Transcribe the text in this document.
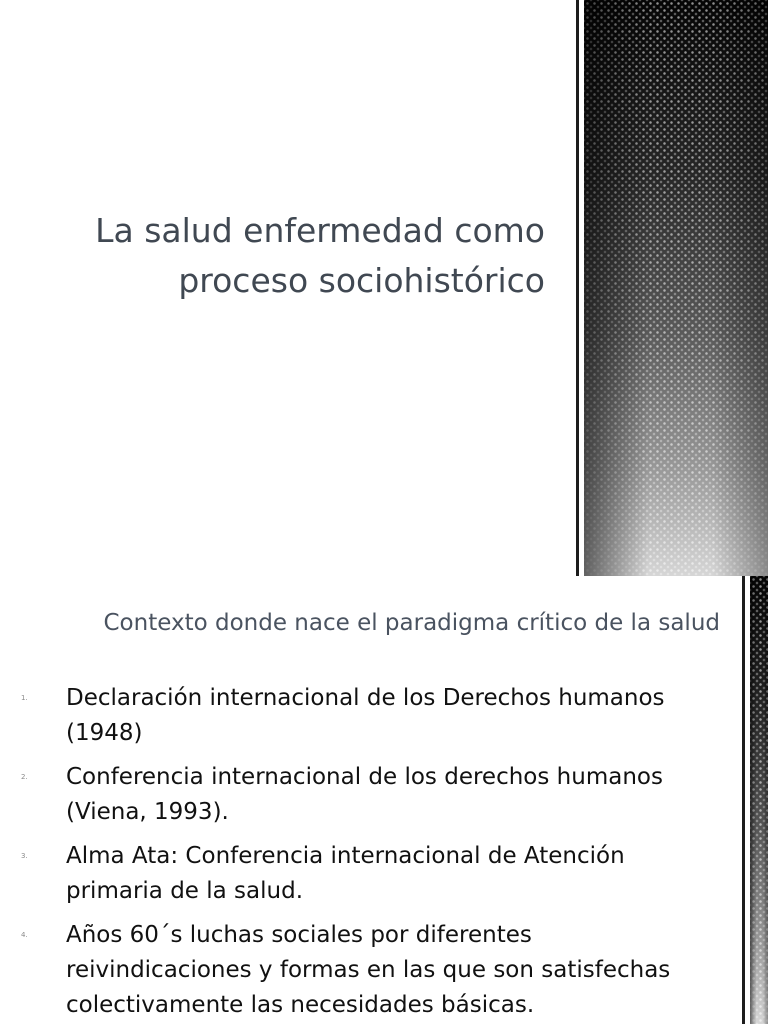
La salud enfermedad como
proceso sociohistórico
Contexto donde nace el paradigma crítico de la salud
1. Declaración internacional de los Derechos humanos (1948)
2. Conferencia internacional de los derechos humanos (Viena, 1993).
3. Alma Ata: Conferencia internacional de Atención primaria de la salud.
4. Años 60´s luchas sociales por diferentes reivindicaciones y formas en las que son satisfechas colectivamente las necesidades básicas.
